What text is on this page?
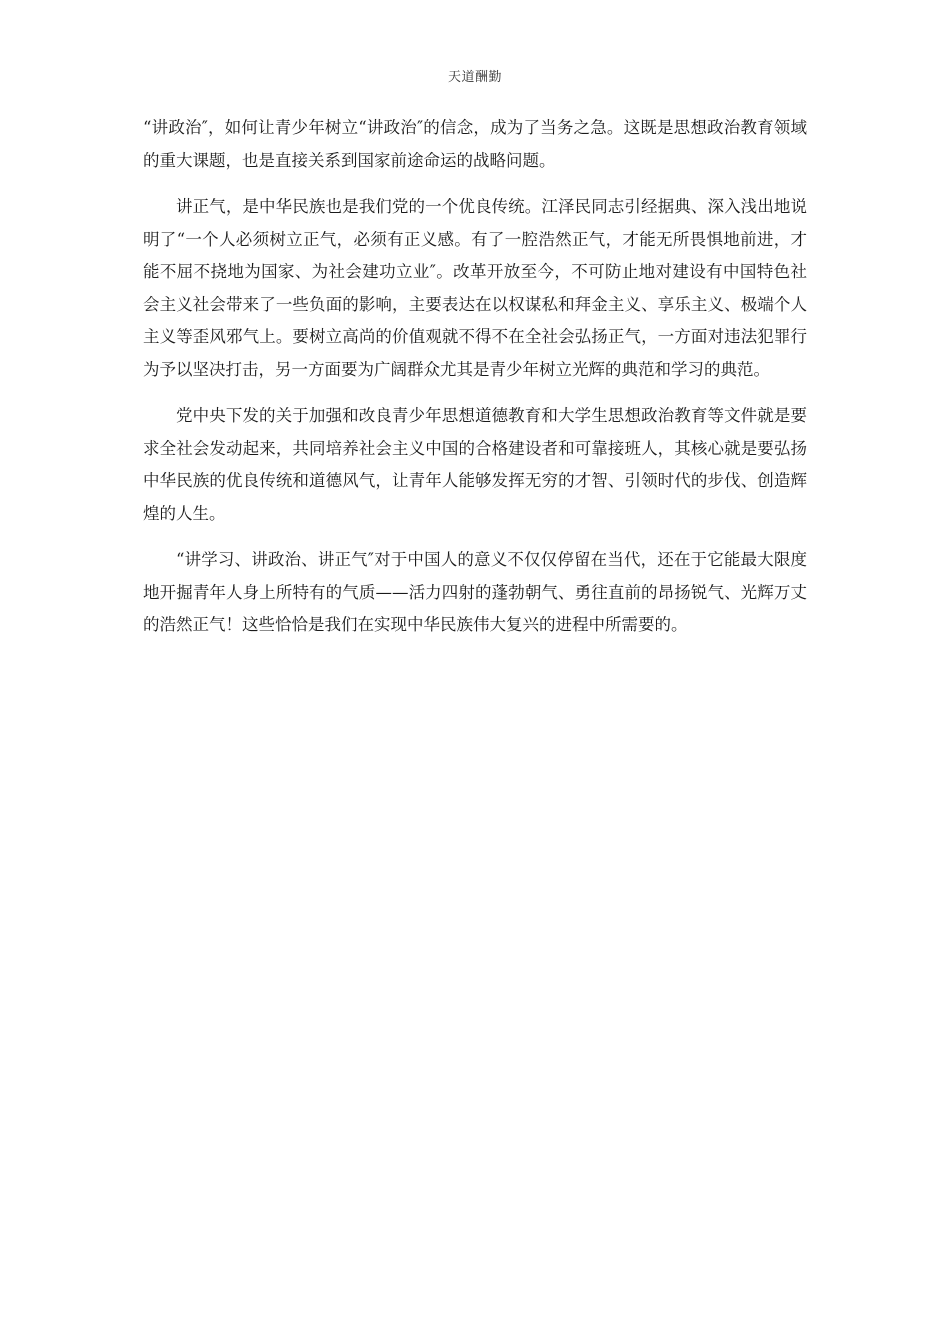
天道酬勤

“讲政治″，如何让青少年树立“讲政治″的信念，成为了当务之急。这既是思想政治教育领域的重大课题，也是直接关系到国家前途命运的战略问题。

讲正气，是中华民族也是我们党的一个优良传统。江泽民同志引经据典、深入浅出地说明了“一个人必须树立正气，必须有正义感。有了一腔浩然正气，才能无所畏惧地前进，才能不屈不挠地为国家、为社会建功立业″。改革开放至今，不可防止地对建设有中国特色社会主义社会带来了一些负面的影响，主要表达在以权谋私和拜金主义、享乐主义、极端个人主义等歪风邪气上。要树立高尚的价值观就不得不在全社会弘扬正气，一方面对违法犯罪行为予以坚决打击，另一方面要为广阔群众尤其是青少年树立光辉的典范和学习的典范。

党中央下发的关于加强和改良青少年思想道德教育和大学生思想政治教育等文件就是要求全社会发动起来，共同培养社会主义中国的合格建设者和可靠接班人，其核心就是要弘扬中华民族的优良传统和道德风气，让青年人能够发挥无穷的才智、引领时代的步伐、创造辉煌的人生。

“讲学习、讲政治、讲正气″对于中国人的意义不仅仅停留在当代，还在于它能最大限度地开掘青年人身上所特有的气质——活力四射的蓬勃朝气、勇往直前的昂扬锐气、光辉万丈的浩然正气！这些恰恰是我们在实现中华民族伟大复兴的进程中所需要的。
